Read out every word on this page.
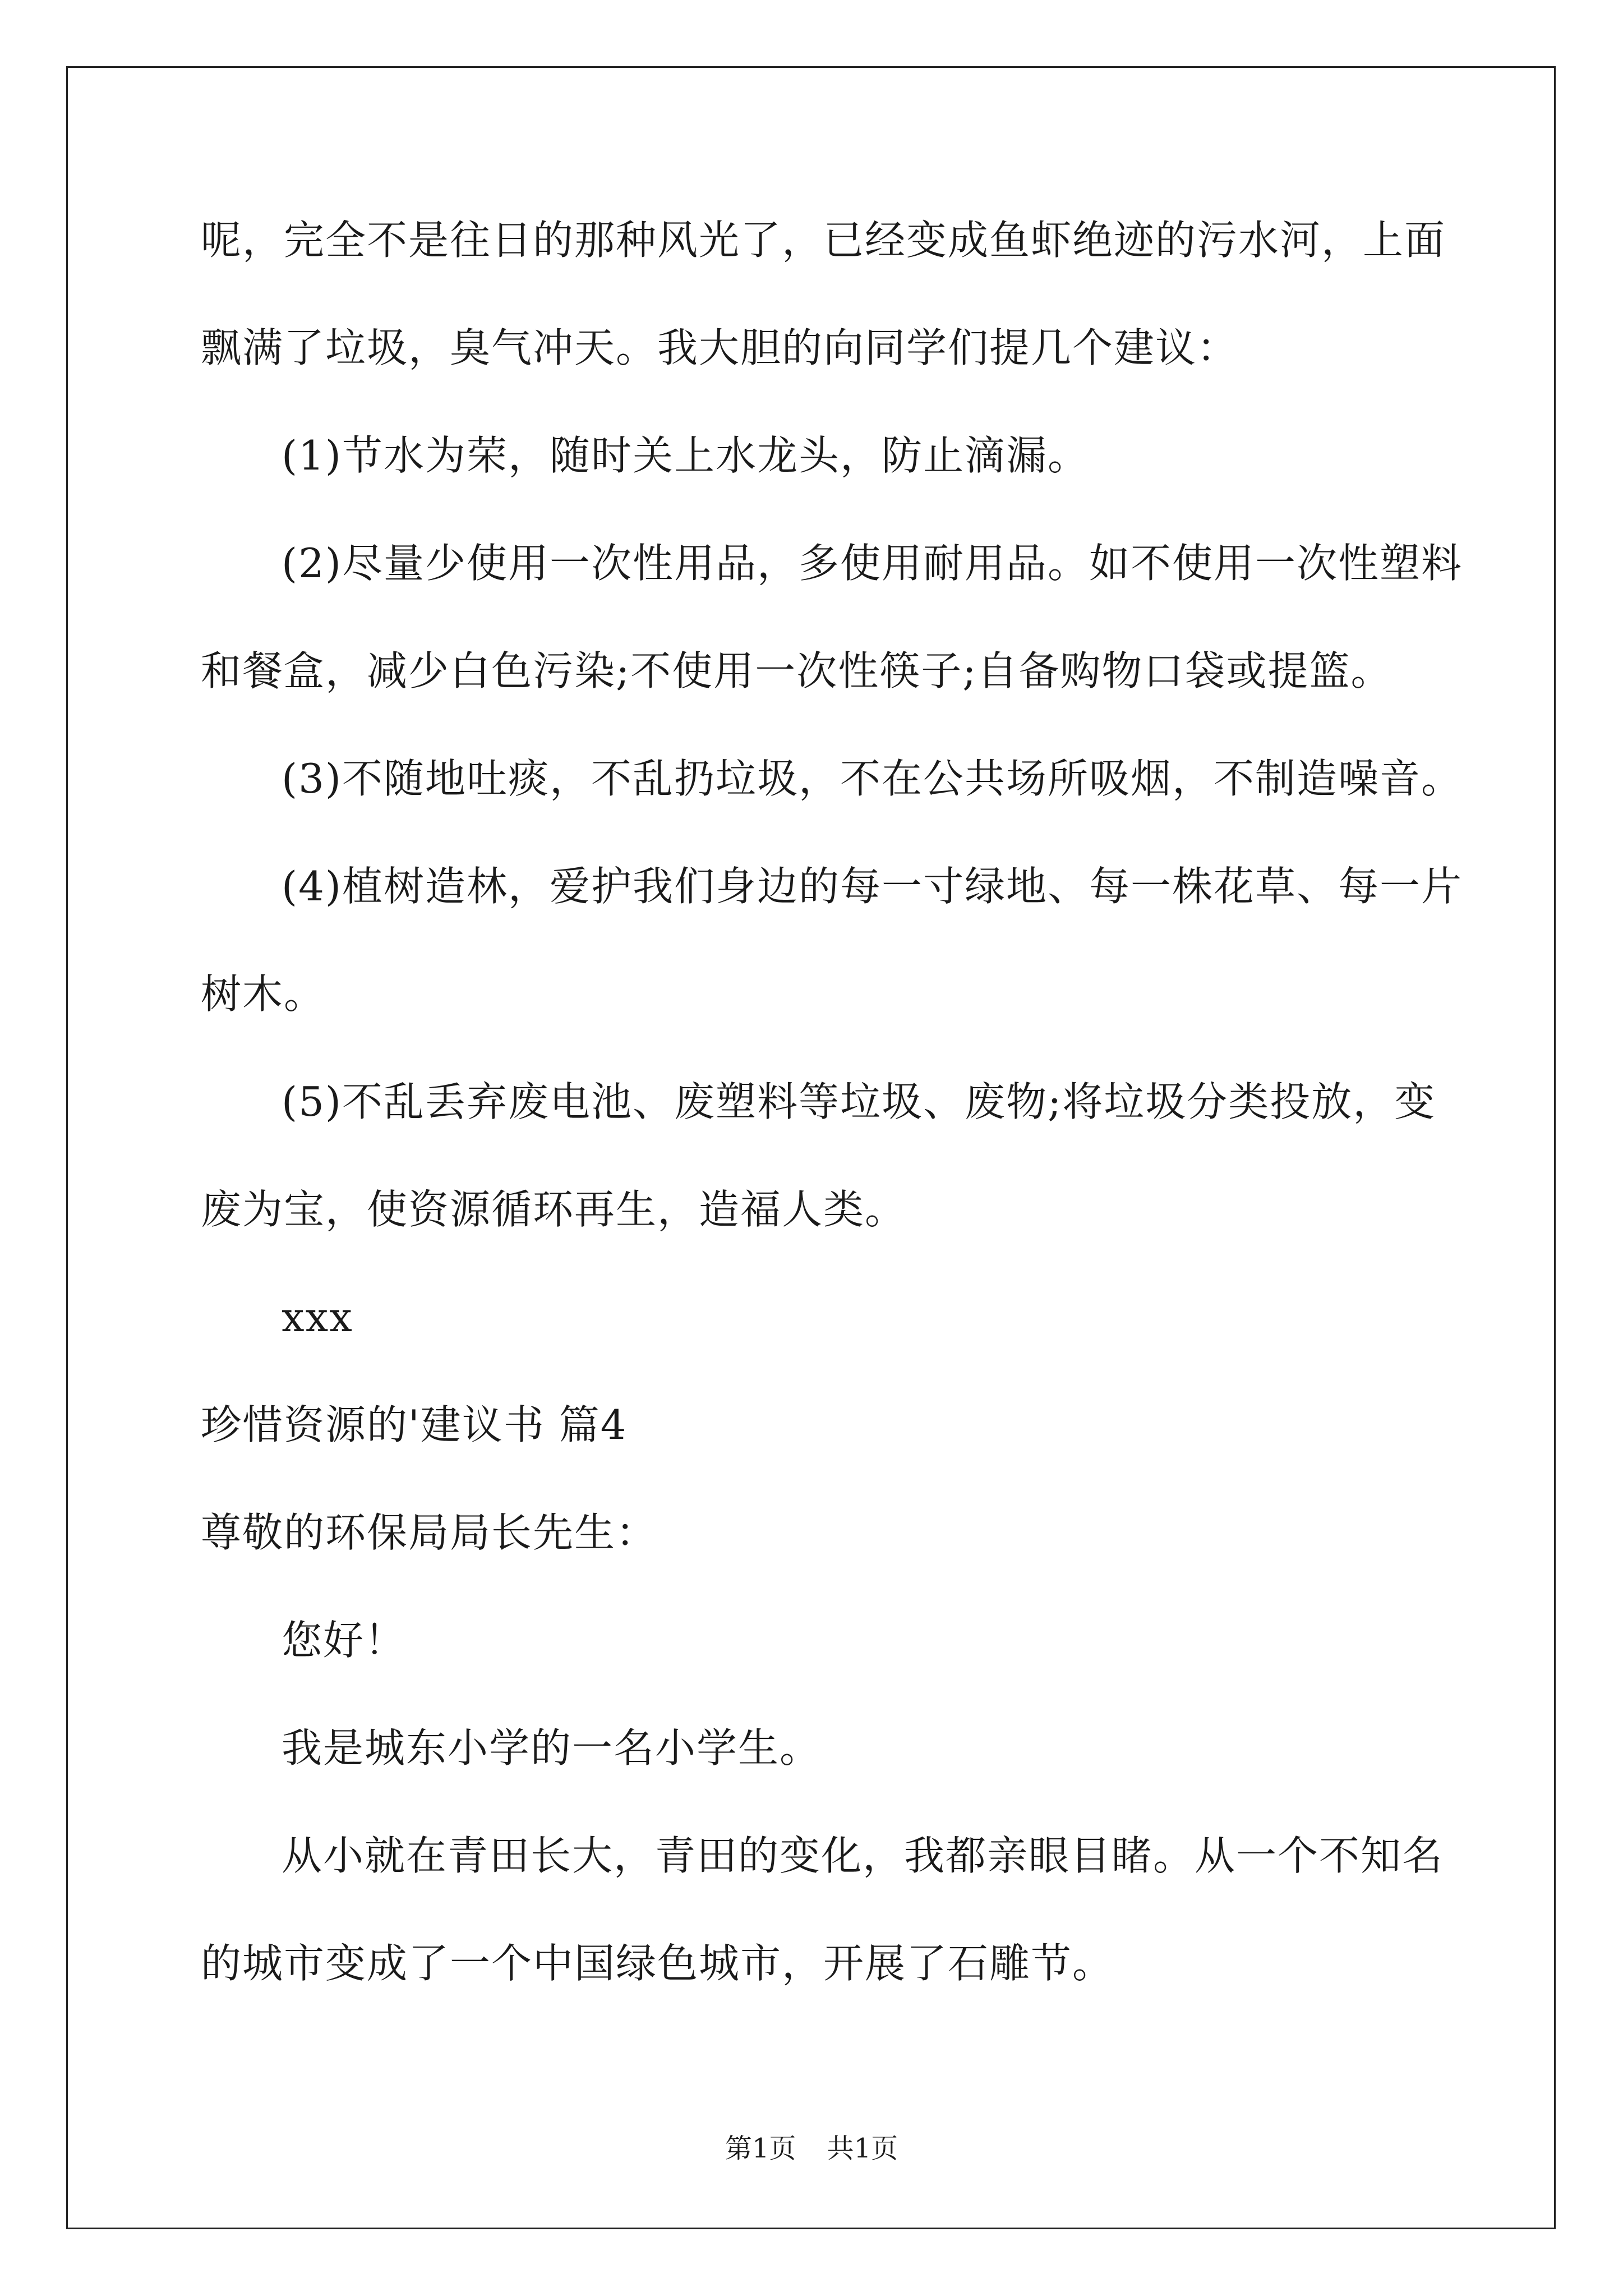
呢，完全不是往日的那种风光了，已经变成鱼虾绝迹的污水河，上面
飘满了垃圾，臭气冲天。我大胆的向同学们提几个建议：
(1)节水为荣，随时关上水龙头，防止滴漏。
(2)尽量少使用一次性用品，多使用耐用品。如不使用一次性塑料
和餐盒，减少白色污染;不使用一次性筷子;自备购物口袋或提篮。
(3)不随地吐痰，不乱扔垃圾，不在公共场所吸烟，不制造噪音。
(4)植树造林，爱护我们身边的每一寸绿地、每一株花草、每一片
树木。
(5)不乱丢弃废电池、废塑料等垃圾、废物;将垃圾分类投放，变
废为宝，使资源循环再生，造福人类。
xxx
珍惜资源的'建议书 篇4
尊敬的环保局局长先生：
您好！
我是城东小学的一名小学生。
从小就在青田长大，青田的变化，我都亲眼目睹。从一个不知名
的城市变成了一个中国绿色城市，开展了石雕节。
第1页 共1页
